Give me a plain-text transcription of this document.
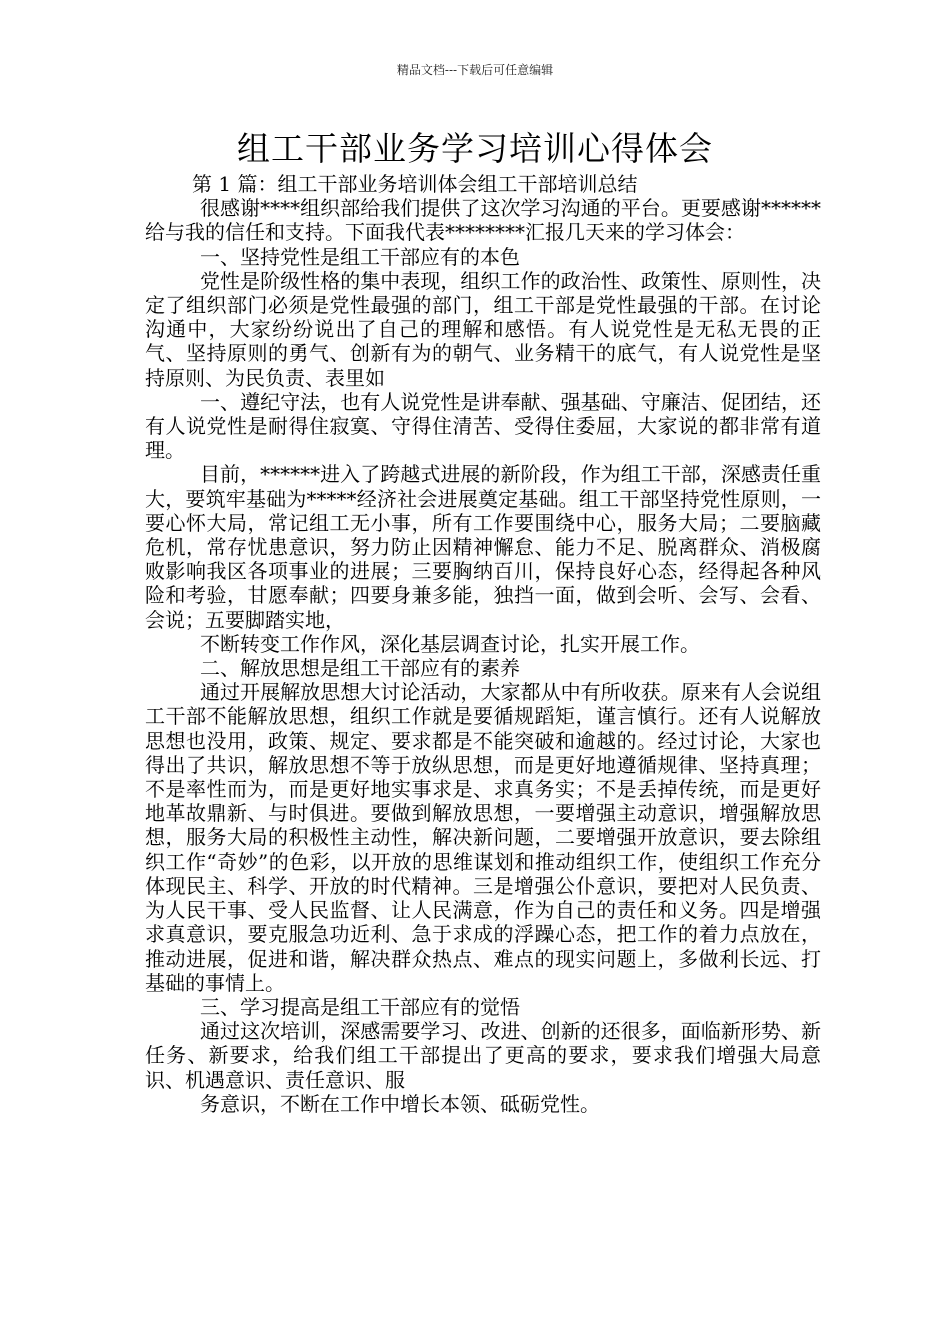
精品文档---下载后可任意编辑
组工干部业务学习培训心得体会

第 1 篇：组工干部业务培训体会组工干部培训总结

很感谢****组织部给我们提供了这次学习沟通的平台。更要感谢******给与我的信任和支持。下面我代表********汇报几天来的学习体会：

一、坚持党性是组工干部应有的本色

党性是阶级性格的集中表现，组织工作的政治性、政策性、原则性，决定了组织部门必须是党性最强的部门，组工干部是党性最强的干部。在讨论沟通中，大家纷纷说出了自己的理解和感悟。有人说党性是无私无畏的正气、坚持原则的勇气、创新有为的朝气、业务精干的底气，有人说党性是坚持原则、为民负责、表里如

一、遵纪守法，也有人说党性是讲奉献、强基础、守廉洁、促团结，还有人说党性是耐得住寂寞、守得住清苦、受得住委屈，大家说的都非常有道理。

目前，******进入了跨越式进展的新阶段，作为组工干部，深感责任重大，要筑牢基础为*****经济社会进展奠定基础。组工干部坚持党性原则，一要心怀大局，常记组工无小事，所有工作要围绕中心，服务大局；二要脑藏危机，常存忧患意识，努力防止因精神懈怠、能力不足、脱离群众、消极腐败影响我区各项事业的进展；三要胸纳百川，保持良好心态，经得起各种风险和考验，甘愿奉献；四要身兼多能，独挡一面，做到会听、会写、会看、会说；五要脚踏实地，

不断转变工作作风，深化基层调查讨论，扎实开展工作。

二、解放思想是组工干部应有的素养

通过开展解放思想大讨论活动，大家都从中有所收获。原来有人会说组工干部不能解放思想，组织工作就是要循规蹈矩，谨言慎行。还有人说解放思想也没用，政策、规定、要求都是不能突破和逾越的。经过讨论，大家也得出了共识，解放思想不等于放纵思想，而是更好地遵循规律、坚持真理；不是率性而为，而是更好地实事求是、求真务实；不是丢掉传统，而是更好地革故鼎新、与时俱进。要做到解放思想，一要增强主动意识，增强解放思想，服务大局的积极性主动性，解决新问题，二要增强开放意识，要去除组织工作“奇妙”的色彩，以开放的思维谋划和推动组织工作，使组织工作充分体现民主、科学、开放的时代精神。三是增强公仆意识，要把对人民负责、为人民干事、受人民监督、让人民满意，作为自己的责任和义务。四是增强求真意识，要克服急功近利、急于求成的浮躁心态，把工作的着力点放在，推动进展，促进和谐，解决群众热点、难点的现实问题上，多做利长远、打基础的事情上。

三、学习提高是组工干部应有的觉悟

通过这次培训，深感需要学习、改进、创新的还很多，面临新形势、新任务、新要求，给我们组工干部提出了更高的要求，要求我们增强大局意识、机遇意识、责任意识、服

务意识，不断在工作中增长本领、砥砺党性。
